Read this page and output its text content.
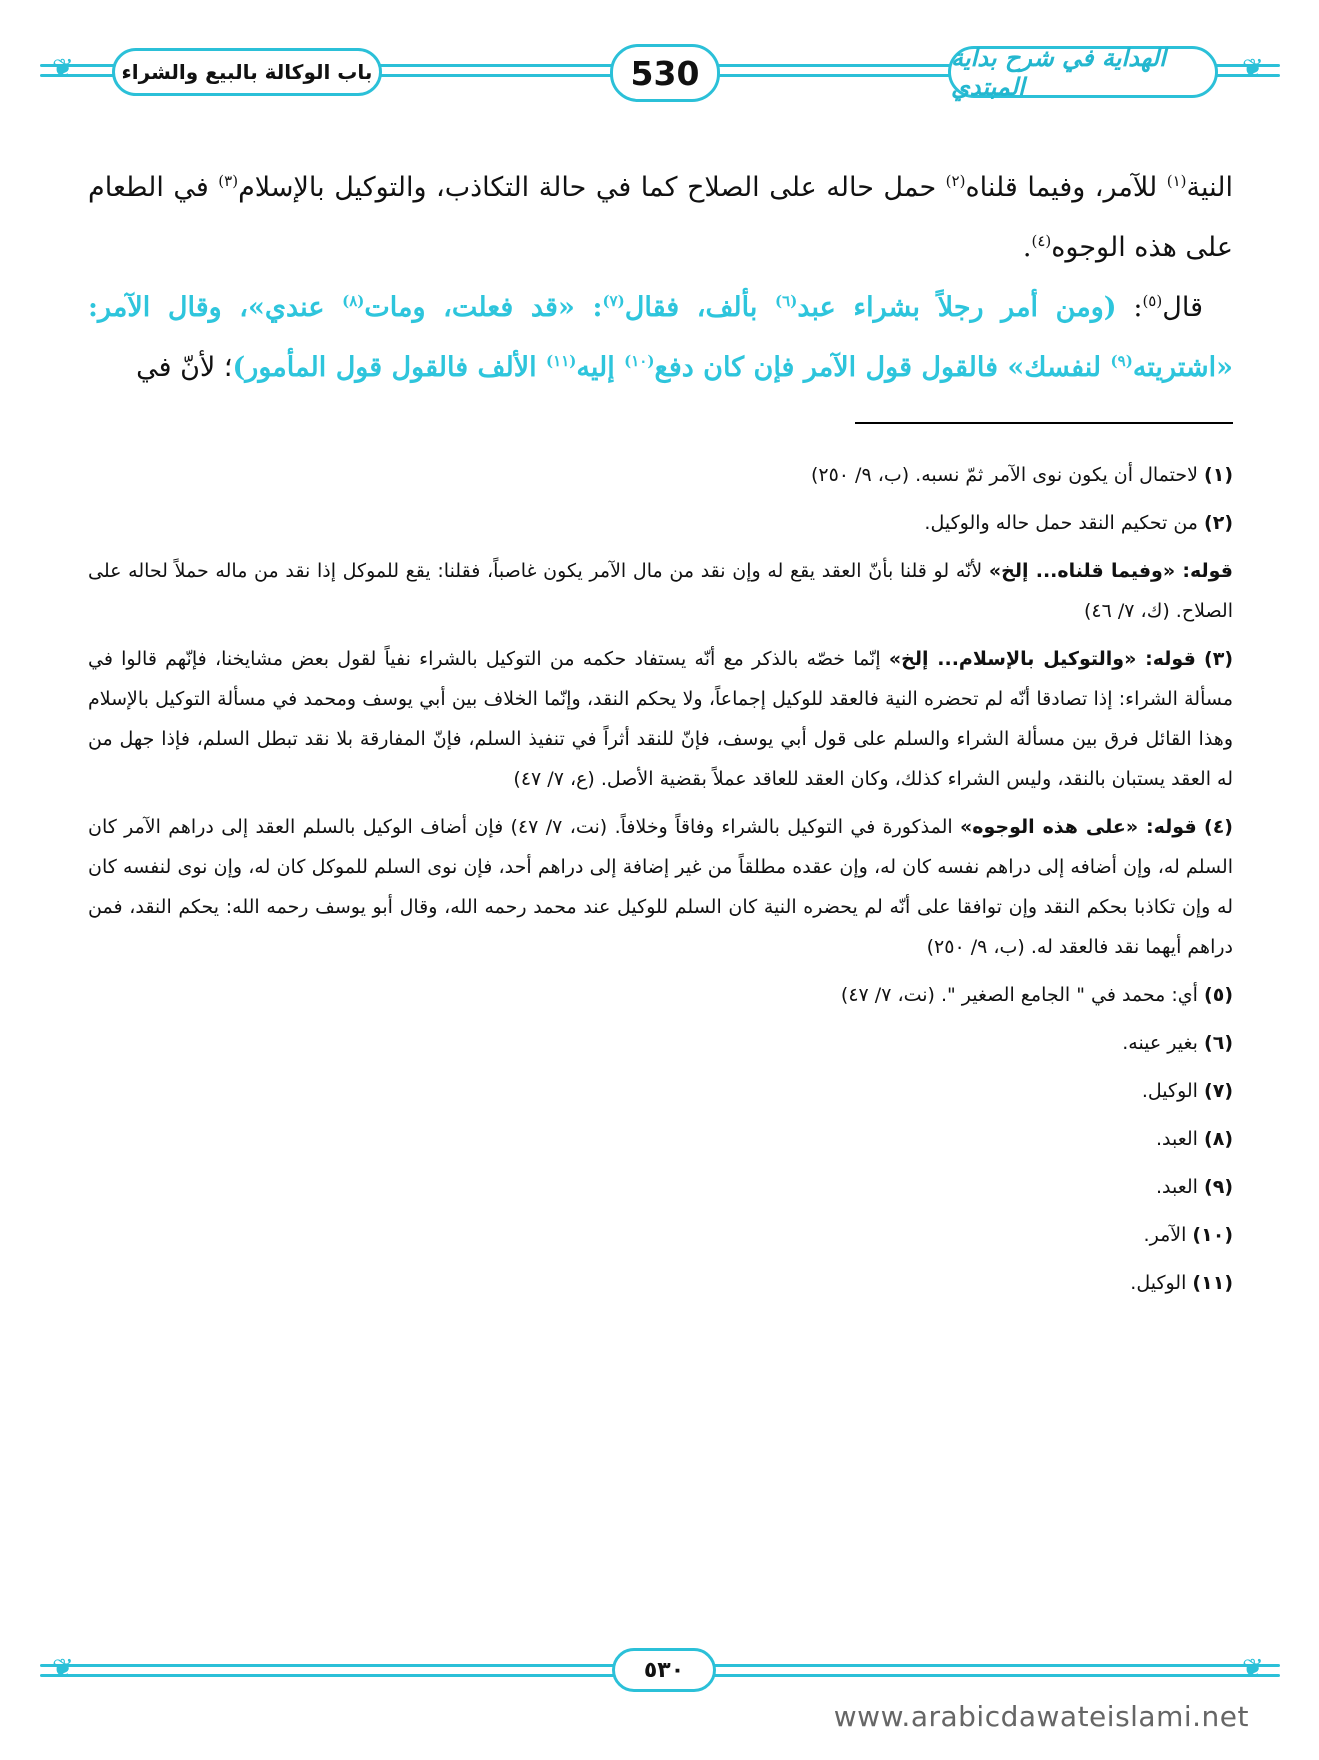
❦	❦
باب الوكالة بالبيع والشراء	530	الهداية في شرح بداية المبتدي

النية$^{(١)}$ للآمر، وفيما قلناه$^{(٢)}$ حمل حاله على الصلاح كما في حالة التكاذب، والتوكيل بالإسلام$^{(٣)}$ في الطعام على هذه الوجوه$^{(٤)}$.

قال$^{(٥)}$: (ومن أمر رجلاً بشراء عبد$^{(٦)}$ بألف، فقال$^{(٧)}$: «قد فعلت، ومات$^{(٨)}$ عندي»، وقال الآمر: «اشتريته$^{(٩)}$ لنفسك» فالقول قول الآمر فإن كان دفع$^{(١٠)}$ إليه$^{(١١)}$ الألف فالقول قول المأمور)؛ لأنّ في

(١) لاحتمال أن يكون نوى الآمر ثمّ نسبه. (ب، ٩/ ٢٥٠)

(٢) من تحكيم النقد حمل حاله والوكيل.

قوله: «وفيما قلناه... إلخ» لأنّه لو قلنا بأنّ العقد يقع له وإن نقد من مال الآمر يكون غاصباً، فقلنا: يقع للموكل إذا نقد من ماله حملاً لحاله على الصلاح. (ك، ٧/ ٤٦)

(٣) قوله: «والتوكيل بالإسلام... إلخ» إنّما خصّه بالذكر مع أنّه يستفاد حكمه من التوكيل بالشراء نفياً لقول بعض مشايخنا، فإنّهم قالوا في مسألة الشراء: إذا تصادقا أنّه لم تحضره النية فالعقد للوكيل إجماعاً، ولا يحكم النقد، وإنّما الخلاف بين أبي يوسف ومحمد في مسألة التوكيل بالإسلام وهذا القائل فرق بين مسألة الشراء والسلم على قول أبي يوسف، فإنّ للنقد أثراً في تنفيذ السلم، فإنّ المفارقة بلا نقد تبطل السلم، فإذا جهل من له العقد يستبان بالنقد، وليس الشراء كذلك، وكان العقد للعاقد عملاً بقضية الأصل. (ع، ٧/ ٤٧)

(٤) قوله: «على هذه الوجوه» المذكورة في التوكيل بالشراء وفاقاً وخلافاً. (نت، ٧/ ٤٧) فإن أضاف الوكيل بالسلم العقد إلى دراهم الآمر كان السلم له، وإن أضافه إلى دراهم نفسه كان له، وإن عقده مطلقاً من غير إضافة إلى دراهم أحد، فإن نوى السلم للموكل كان له، وإن نوى لنفسه كان له وإن تكاذبا بحكم النقد وإن توافقا على أنّه لم يحضره النية كان السلم للوكيل عند محمد رحمه الله، وقال أبو يوسف رحمه الله: يحكم النقد، فمن دراهم أيهما نقد فالعقد له. (ب، ٩/ ٢٥٠)

(٥) أي: محمد في " الجامع الصغير ". (نت، ٧/ ٤٧)

(٦) بغير عينه.

(٧) الوكيل.

(٨) العبد.

(٩) العبد.

(١٠) الآمر.

(١١) الوكيل.

❦	❦
٥٣٠
www.arabicdawateislami.net
